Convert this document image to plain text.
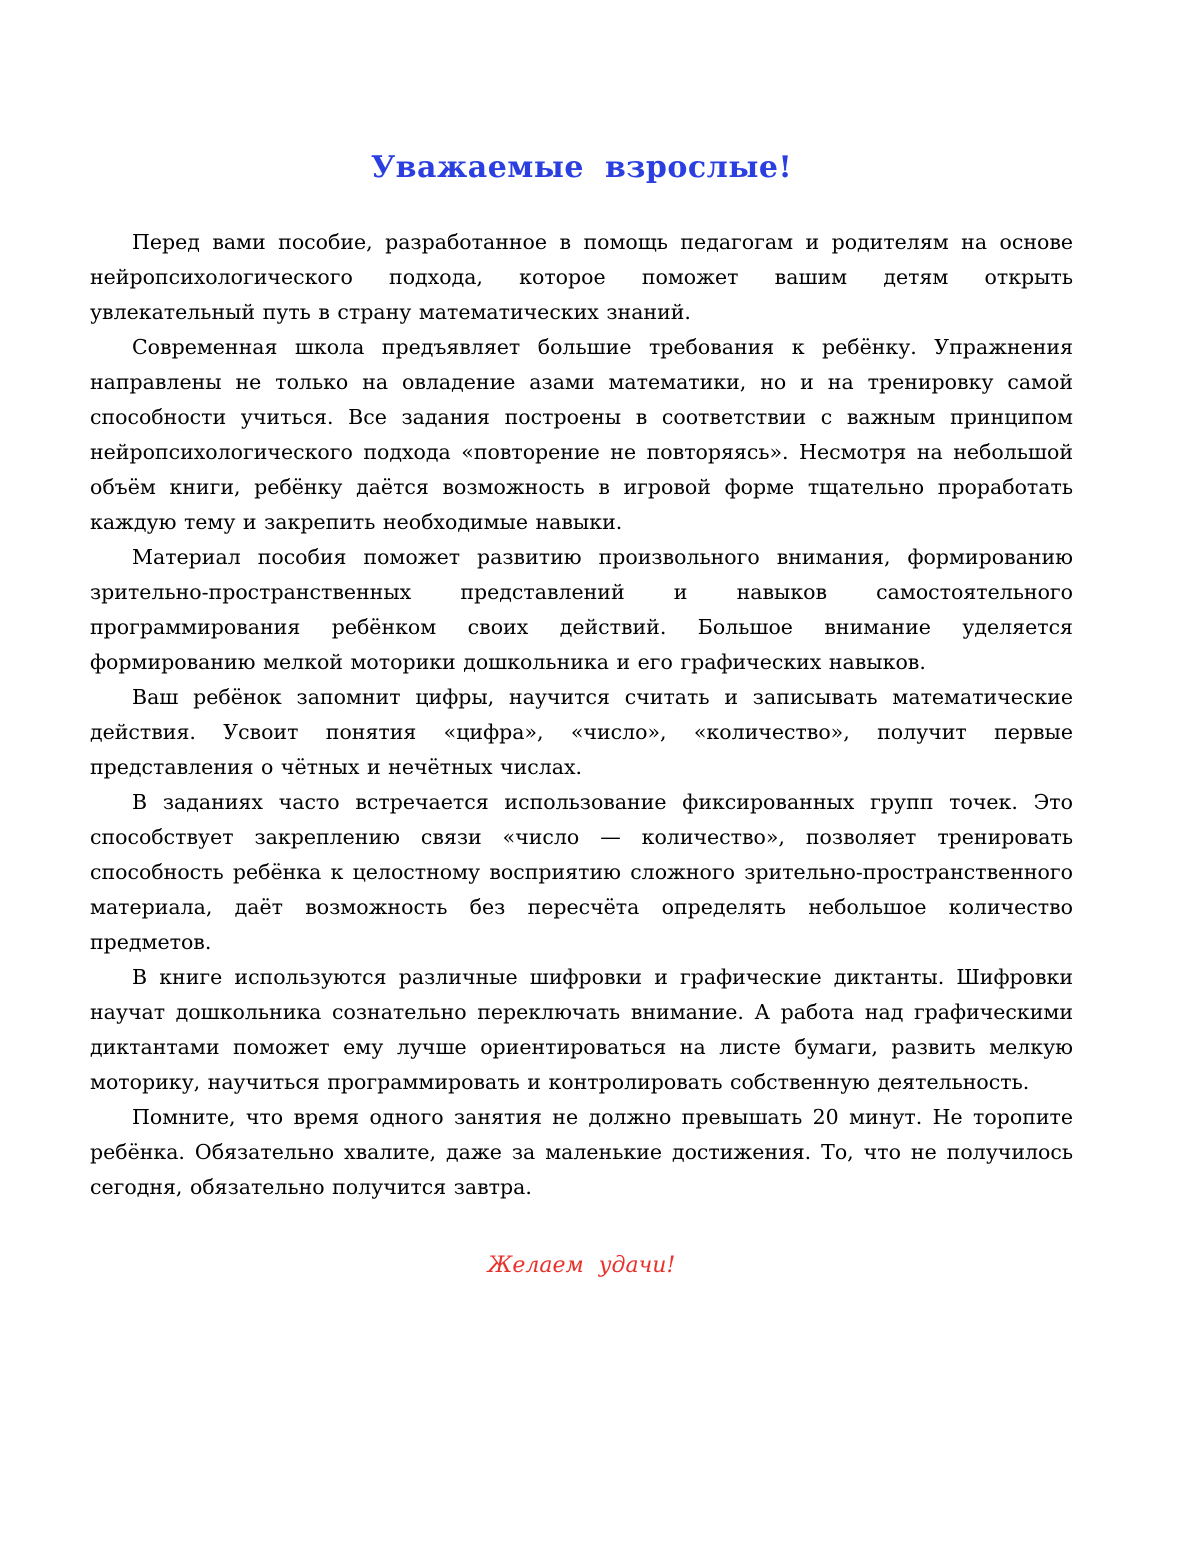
Уважаемые взрослые!

Перед вами пособие, разработанное в помощь педагогам и родителям на основе нейропсихологического подхода, которое поможет вашим детям открыть увлекательный путь в страну математических знаний.

Современная школа предъявляет большие требования к ребёнку. Упражнения направлены не только на овладение азами математики, но и на тренировку самой способности учиться. Все задания построены в соответствии с важным принципом нейропсихологического подхода «повторение не повторяясь». Несмотря на небольшой объём книги, ребёнку даётся возможность в игровой форме тщательно проработать каждую тему и закрепить необходимые навыки.

Материал пособия поможет развитию произвольного внимания, формированию зрительно-пространственных представлений и навыков самостоятельного программирования ребёнком своих действий. Большое внимание уделяется формированию мелкой моторики дошкольника и его графических навыков.

Ваш ребёнок запомнит цифры, научится считать и записывать математические действия. Усвоит понятия «цифра», «число», «количество», получит первые представления о чётных и нечётных числах.

В заданиях часто встречается использование фиксированных групп точек. Это способствует закреплению связи «число — количество», позволяет тренировать способность ребёнка к целостному восприятию сложного зрительно-пространственного материала, даёт возможность без пересчёта определять небольшое количество предметов.

В книге используются различные шифровки и графические диктанты. Шифровки научат дошкольника сознательно переключать внимание. А работа над графическими диктантами поможет ему лучше ориентироваться на листе бумаги, развить мелкую моторику, научиться программировать и контролировать собственную деятельность.

Помните, что время одного занятия не должно превышать 20 минут. Не торопите ребёнка. Обязательно хвалите, даже за маленькие достижения. То, что не получилось сегодня, обязательно получится завтра.

Желаем удачи!
